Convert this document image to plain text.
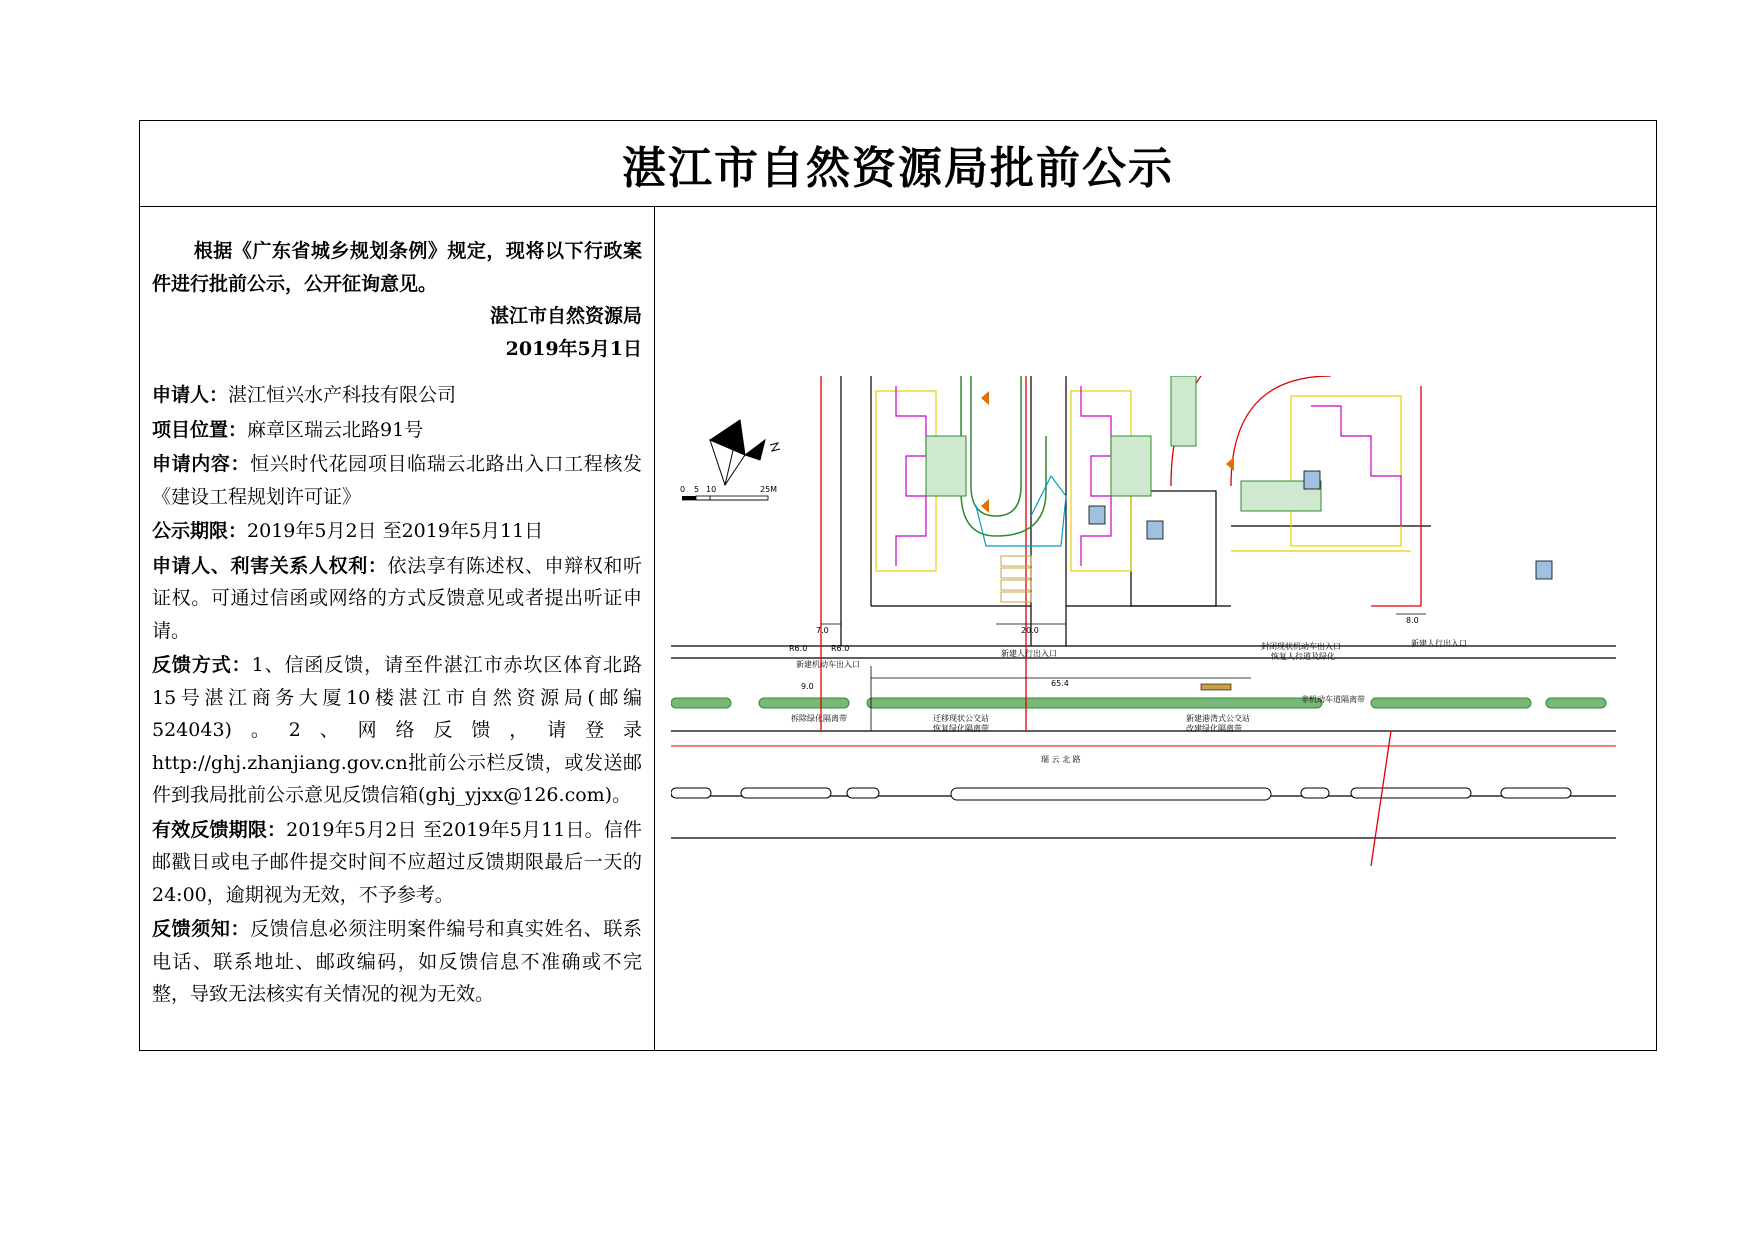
湛江市自然资源局批前公示

根据《广东省城乡规划条例》规定，现将以下行政案件进行批前公示，公开征询意见。

湛江市自然资源局

2019年5月1日

申请人：湛江恒兴水产科技有限公司

项目位置：麻章区瑞云北路91号

申请内容：恒兴时代花园项目临瑞云北路出入口工程核发《建设工程规划许可证》

公示期限：2019年5月2日 至2019年5月11日

申请人、利害关系人权利：依法享有陈述权、申辩权和听证权。可通过信函或网络的方式反馈意见或者提出听证申请。

反馈方式：1、信函反馈，请至件湛江市赤坎区体育北路15号湛江商务大厦10楼湛江市自然资源局(邮编 524043)。2、网络反馈，请登录http://ghj.zhanjiang.gov.cn批前公示栏反馈，或发送邮件到我局批前公示意见反馈信箱(ghj_yjxx@126.com)。

有效反馈期限：2019年5月2日 至2019年5月11日。信件邮戳日或电子邮件提交时间不应超过反馈期限最后一天的24:00，逾期视为无效，不予参考。

反馈须知：反馈信息必须注明案件编号和真实姓名、联系电话、联系地址、邮政编码，如反馈信息不准确或不完整，导致无法核实有关情况的视为无效。

0 5 10	25M
7.0
R6.0	R6.0
9.0
20.0
65.4
8.0
新建机动车出入口
拆除绿化隔离带
新建人行出入口
迁移现状公交站
恢复绿化隔离带
新建港湾式公交站
改建绿化隔离带
封闭现状机动车出入口
恢复人行道及绿化
非机动车道隔离带
新建人行出入口
瑞 云 北 路
